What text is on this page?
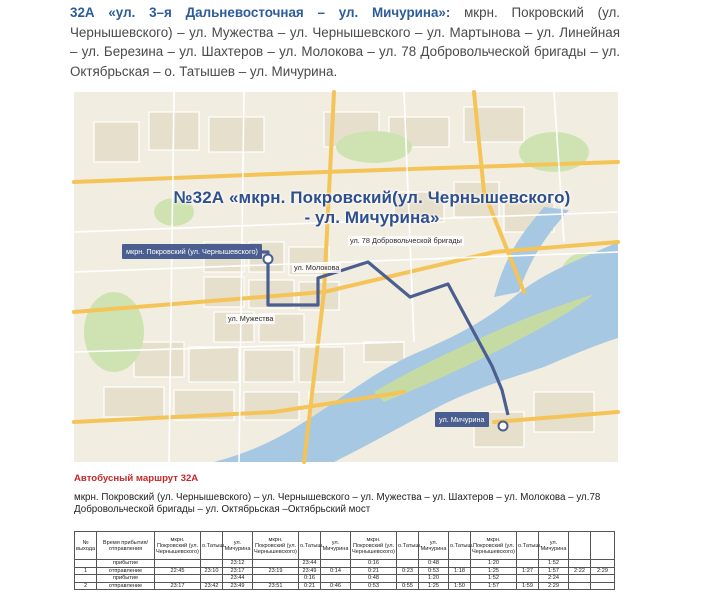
32А «ул. 3–я Дальневосточная – ул. Мичурина»: мкрн. Покровский (ул. Чернышевского) – ул. Мужества – ул. Чернышевского – ул. Мартынова – ул. Линейная – ул. Березина – ул. Шахтеров – ул. Молокова – ул. 78 Добровольческой бригады – ул. Октябрьская – о. Татышев – ул. Мичурина.
№32А «мкрн. Покровский(ул. Чернышевского) - ул. Мичурина»
мкрн. Покровский (ул. Чернышевского)
ул. Мичурина
ул. 78 Добровольческой бригады
ул. Молокова
ул. Мужества
Автобусный маршрут 32А
мкрн. Покровский (ул. Чернышевского) – ул. Чернышевского – ул. Мужества – ул. Шахтеров – ул. Молокова – ул.78 Добровольческой бригады – ул. Октябрьская –Октябрьский мост
№ выхода	Время прибытия/отправления	мкрн. Покровский (ул. Чернышевского)	о.Татыш.	ул. Мичурина	мкрн. Покровский (ул. Чернышевского)	о.Татыш.	ул. Мичурина	мкрн. Покровский (ул. Чернышевского)	о.Татыш.	ул. Мичурина	о.Татыш.	мкрн. Покровский (ул. Чернышевского)	о.Татыш.	ул. Мичурина		
	прибытие			23:12		23:44		0:16		0:48		1:20		1:52		
1	отправление	22:45	23:10	23:17	23:19	23:49	0:14	0:21	0:23	0:53	1:18	1:25	1:27	1:57	2:22	2:29
	прибытие			23:44		0:16		0:48		1:20		1:52		2:24		
2	отправление	23:17	23:42	23:49	23:51	0:21	0:46	0:53	0:55	1:25	1:50	1:57	1:59	2:29		
